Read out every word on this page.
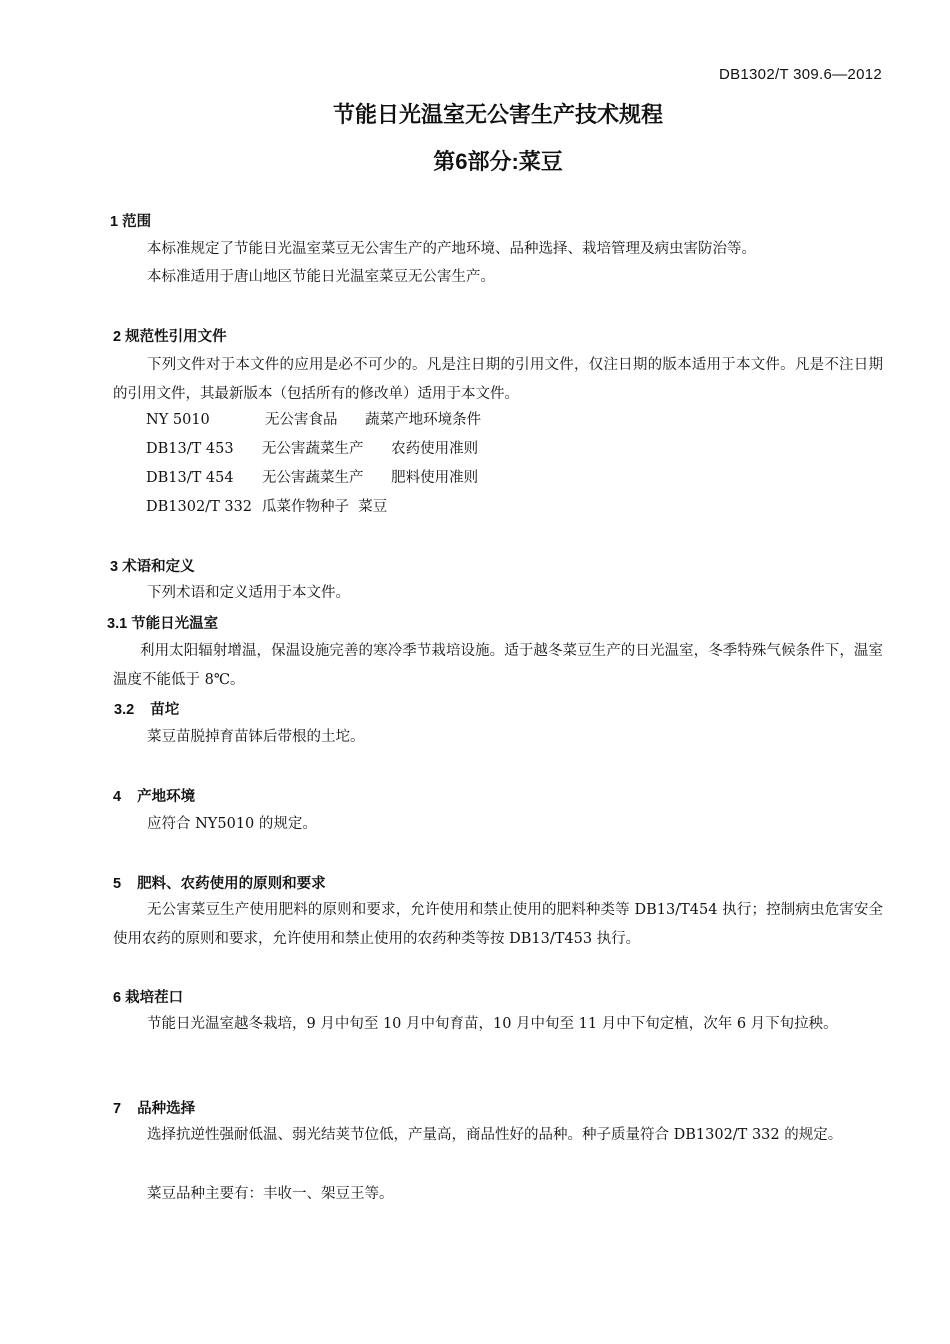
DB1302/T 309.6—2012
节能日光温室无公害生产技术规程
第6部分:菜豆
1 范围
本标准规定了节能日光温室菜豆无公害生产的产地环境、品种选择、栽培管理及病虫害防治等。
本标准适用于唐山地区节能日光温室菜豆无公害生产。
2 规范性引用文件
下列文件对于本文件的应用是必不可少的。凡是注日期的引用文件，仅注日期的版本适用于本文件。凡是不注日期的引用文件，其最新版本（包括所有的修改单）适用于本文件。
NY 5010	无公害食品      蔬菜产地环境条件
DB13/T 453 无公害蔬菜生产      农药使用准则
DB13/T 454 无公害蔬菜生产      肥料使用准则
DB1302/T 332 瓜菜作物种子  菜豆
3 术语和定义
下列术语和定义适用于本文件。
3.1 节能日光温室
利用太阳辐射增温，保温设施完善的寒冷季节栽培设施。适于越冬菜豆生产的日光温室，冬季特殊气候条件下，温室温度不能低于 8℃。
3.2    苗坨
菜豆苗脱掉育苗钵后带根的土坨。
4    产地环境
应符合 NY5010 的规定。
5    肥料、农药使用的原则和要求
无公害菜豆生产使用肥料的原则和要求，允许使用和禁止使用的肥料种类等 DB13/T454 执行；控制病虫危害安全使用农药的原则和要求，允许使用和禁止使用的农药种类等按 DB13/T453 执行。
6 栽培茬口
节能日光温室越冬栽培，9 月中旬至 10 月中旬育苗，10 月中旬至 11 月中下旬定植，次年 6 月下旬拉秧。
7    品种选择
选择抗逆性强耐低温、弱光结荚节位低，产量高，商品性好的品种。种子质量符合 DB1302/T 332 的规定。
菜豆品种主要有：丰收一、架豆王等。
